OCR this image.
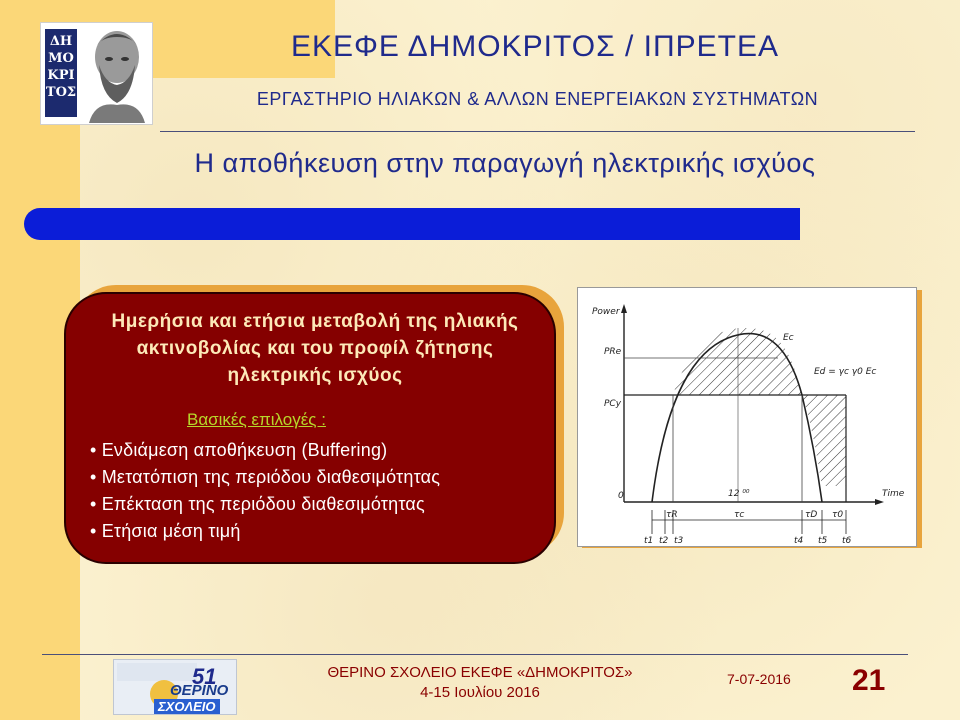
ΔΗΜΟΚΡΙΤΟΣ
ΕΚΕΦΕ ΔΗΜΟΚΡΙΤΟΣ / ΙΠΡΕΤΕΑ
ΕΡΓΑΣΤΗΡΙΟ ΗΛΙΑΚΩΝ & ΑΛΛΩΝ ΕΝΕΡΓΕΙΑΚΩΝ ΣΥΣΤΗΜΑΤΩΝ
Η αποθήκευση στην παραγωγή ηλεκτρικής ισχύος
Ημερήσια και ετήσια μεταβολή της ηλιακής ακτινοβολίας και του προφίλ ζήτησης ηλεκτρικής ισχύος
Βασικές επιλογές :
• Ενδιάμεση αποθήκευση (Buffering)
• Μετατόπιση της περιόδου διαθεσιμότητας
• Επέκταση της περιόδου διαθεσιμότητας
• Ετήσια μέση τιμή
Power
Time
0	12 ⁰⁰
Ec
Ed = γc γ0 Ec
PRe
PCy
τR	τc	τD τ0
t1 t2 t3	t4 t5 t6
51
ΘΕΡΙΝΟ
ΣΧΟΛΕΙΟ
ΘΕΡΙΝΟ ΣΧΟΛΕΙΟ ΕΚΕΦΕ «ΔΗΜΟΚΡΙΤΟΣ»
4-15 Ιουλίου 2016
7-07-2016 21
